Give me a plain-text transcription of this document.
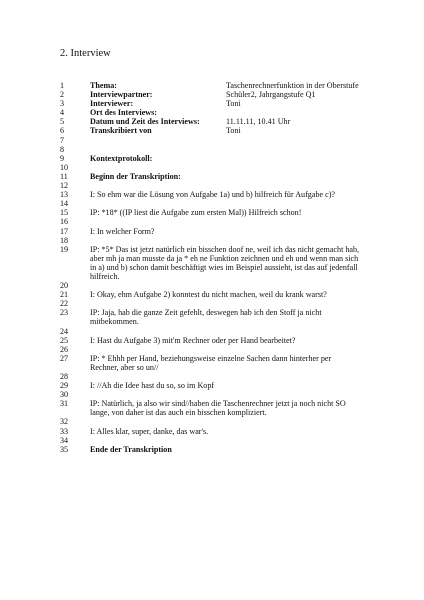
2. Interview
1	Thema:	Taschenrechnerfunktion in der Oberstufe
2	Interviewpartner:	Schüler2, Jahrgangstufe Q1
3	Interviewer:	Toni
4	Ort des Interviews:
5	Datum und Zeit des Interviews:	11.11.11, 10.41 Uhr
6	Transkribiert von	Toni
7
8
9	Kontextprotokoll:
10
11	Beginn der Transkription:
12
13	I: So ehm war die Lösung von Aufgabe 1a) und b) hilfreich für Aufgabe c)?
14
15	IP: *18* ((IP liest die Aufgabe zum ersten Mal)) Hilfreich schon!
16
17	I: In welcher Form?
18
19	IP: *5* Das ist jetzt natürlich ein bisschen doof ne, weil ich das nicht gemacht hab,
aber mh ja man musste da ja * eh ne Funktion zeichnen und eh und wenn man sich
in a) und b) schon damit beschäftigt wies im Beispiel aussieht, ist das auf jedenfall
hilfreich.
20
21	I: Okay, ehm Aufgabe 2) konntest du nicht machen, weil du krank warst?
22
23	IP: Jaja, hab die ganze Zeit gefehlt, deswegen hab ich den Stoff ja nicht
mitbekommen.
24
25	I: Hast du Aufgabe 3) mit'm Rechner oder per Hand bearbeitet?
26
27	IP: * Ehhh per Hand, beziehungsweise einzelne Sachen dann hinterher per
Rechner, aber so un//
28
29	I: //Ah die Idee hast du so, so im Kopf
30
31	IP: Natürlich, ja also wir sind//haben die Taschenrechner jetzt ja noch nicht SO
lange, von daher ist das auch ein bisschen kompliziert.
32
33	I: Alles klar, super, danke, das war's.
34
35	Ende der Transkription
